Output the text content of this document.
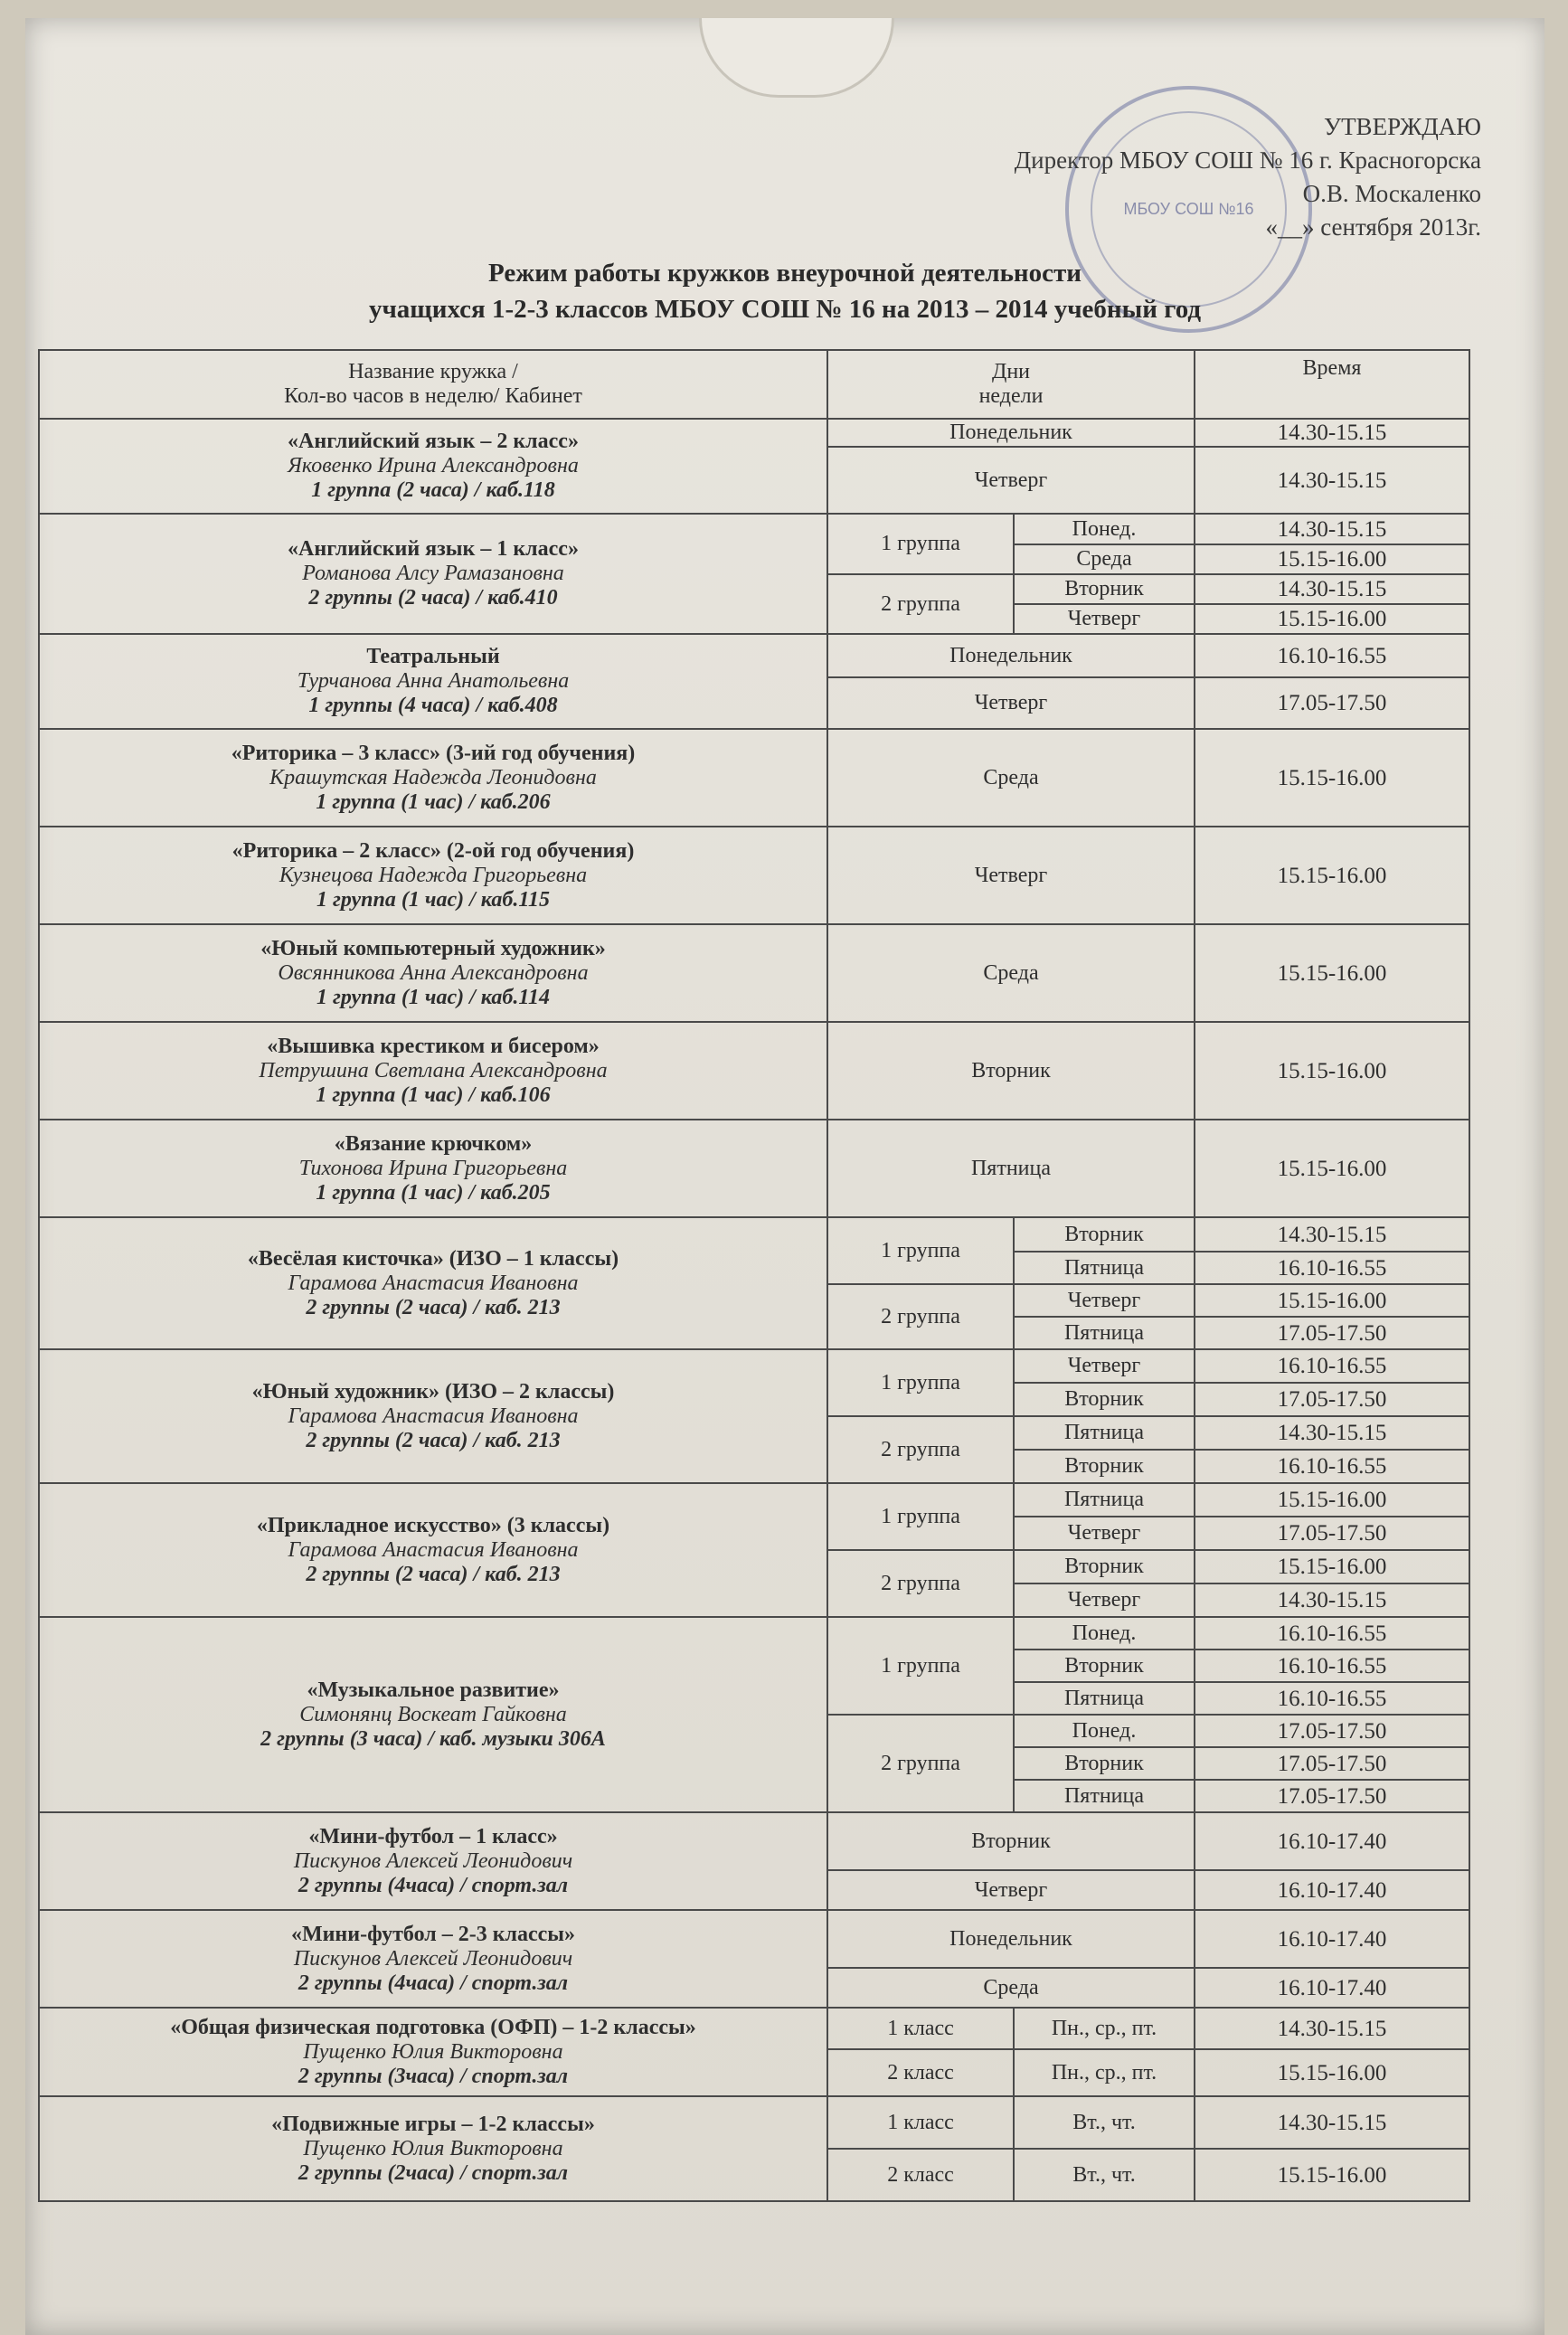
МБОУ СОШ №16
УТВЕРЖДАЮ
Директор МБОУ СОШ № 16 г. Красногорска
О.В. Москаленко
«__» сентября 2013г.
Режим работы кружков внеурочной деятельности
учащихся 1-2-3 классов МБОУ СОШ № 16 на 2013 – 2014 учебный год
Название кружка /
Кол-во часов в неделю/ Кабинет	Дни
недели		Время

«Английский язык – 2 класс»
Яковенко Ирина Александровна
1 группа (2 часа) / каб.118	Понедельник		14.30-15.15
	Четверг		14.30-15.15

«Английский язык – 1 класс»
Романова Алсу Рамазановна
2 группы (2 часа) / каб.410	1 группа	Понед.	14.30-15.15
		Среда	15.15-16.00
	2 группа	Вторник	14.30-15.15
		Четверг	15.15-16.00

Театральный
Турчанова Анна Анатольевна
1 группы (4 часа) / каб.408	Понедельник		16.10-16.55
	Четверг		17.05-17.50

«Риторика – 3 класс» (3-ий год обучения)
Крашутская Надежда Леонидовна
1 группа (1 час) / каб.206	Среда		15.15-16.00

«Риторика – 2 класс» (2-ой год обучения)
Кузнецова Надежда Григорьевна
1 группа (1 час) / каб.115	Четверг		15.15-16.00

«Юный компьютерный художник»
Овсянникова Анна Александровна
1 группа (1 час) / каб.114	Среда		15.15-16.00

«Вышивка крестиком и бисером»
Петрушина Светлана Александровна
1 группа (1 час) / каб.106	Вторник		15.15-16.00

«Вязание крючком»
Тихонова Ирина Григорьевна
1 группа (1 час) / каб.205	Пятница		15.15-16.00

«Весёлая кисточка» (ИЗО – 1 классы)
Гарамова Анастасия Ивановна
2 группы (2 часа) / каб. 213	1 группа	Вторник	14.30-15.15
		Пятница	16.10-16.55
	2 группа	Четверг	15.15-16.00
		Пятница	17.05-17.50

«Юный художник» (ИЗО – 2 классы)
Гарамова Анастасия Ивановна
2 группы (2 часа) / каб. 213	1 группа	Четверг	16.10-16.55
		Вторник	17.05-17.50
	2 группа	Пятница	14.30-15.15
		Вторник	16.10-16.55

«Прикладное искусство» (3 классы)
Гарамова Анастасия Ивановна
2 группы (2 часа) / каб. 213	1 группа	Пятница	15.15-16.00
		Четверг	17.05-17.50
	2 группа	Вторник	15.15-16.00
		Четверг	14.30-15.15

«Музыкальное развитие»
Симонянц Воскеат Гайковна
2 группы (3 часа) / каб. музыки 306А	1 группа	Понед.	16.10-16.55
		Вторник	16.10-16.55
		Пятница	16.10-16.55
	2 группа	Понед.	17.05-17.50
		Вторник	17.05-17.50
		Пятница	17.05-17.50

«Мини-футбол – 1 класс»
Пискунов Алексей Леонидович
2 группы (4часа) / спорт.зал	Вторник		16.10-17.40
	Четверг		16.10-17.40

«Мини-футбол – 2-3 классы»
Пискунов Алексей Леонидович
2 группы (4часа) / спорт.зал	Понедельник		16.10-17.40
	Среда		16.10-17.40

«Общая физическая подготовка (ОФП) – 1-2 классы»
Пущенко Юлия Викторовна
2 группы (3часа) / спорт.зал	1 класс	Пн., ср., пт.	14.30-15.15
	2 класс	Пн., ср., пт.	15.15-16.00

«Подвижные игры – 1-2 классы»
Пущенко Юлия Викторовна
2 группы (2часа) / спорт.зал	1 класс	Вт., чт.	14.30-15.15
	2 класс	Вт., чт.	15.15-16.00
